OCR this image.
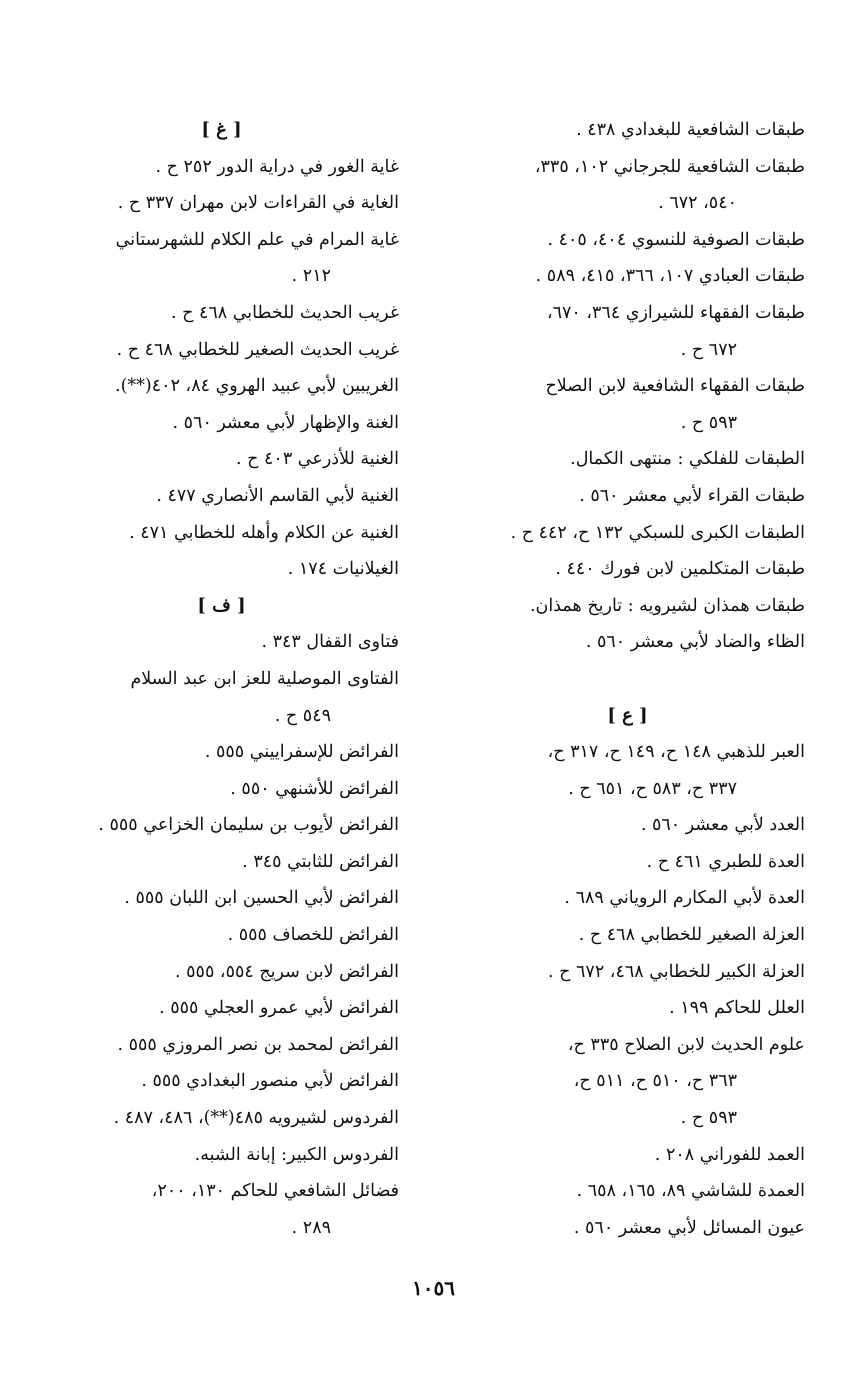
طبقات الشافعية للبغدادي ٤٣٨ .
طبقات الشافعية للجرجاني ١٠٢، ٣٣٥،
٥٤٠، ٦٧٢ .
طبقات الصوفية للنسوي ٤٠٤، ٤٠٥ .
طبقات العبادي ١٠٧، ٣٦٦، ٤١٥، ٥٨٩ .
طبقات الفقهاء للشيرازي ٣٦٤، ٦٧٠،
٦٧٢ ح .
طبقات الفقهاء الشافعية لابن الصلاح
٥٩٣ ح .
الطبقات للفلكي : منتهى الكمال.
طبقات القراء لأبي معشر ٥٦٠ .
الطبقات الكبرى للسبكي ١٣٢ ح، ٤٤٢ ح .
طبقات المتكلمين لابن فورك ٤٤٠ .
طبقات همذان لشيرويه : تاريخ همذان.
الظاء والضاد لأبي معشر ٥٦٠ .
[ ع ]
العبر للذهبي ١٤٨ ح، ١٤٩ ح، ٣١٧ ح،
٣٣٧ ح، ٥٨٣ ح، ٦٥١ ح .
العدد لأبي معشر ٥٦٠ .
العدة للطبري ٤٦١ ح .
العدة لأبي المكارم الروياني ٦٨٩ .
العزلة الصغير للخطابي ٤٦٨ ح .
العزلة الكبير للخطابي ٤٦٨، ٦٧٢ ح .
العلل للحاكم ١٩٩ .
علوم الحديث لابن الصلاح ٣٣٥ ح،
٣٦٣ ح، ٥١٠ ح، ٥١١ ح،
٥٩٣ ح .
العمد للفوراني ٢٠٨ .
العمدة للشاشي ٨٩، ١٦٥، ٦٥٨ .
عيون المسائل لأبي معشر ٥٦٠ .
[ غ ]
غاية الغور في دراية الدور ٢٥٢ ح .
الغاية في القراءات لابن مهران ٣٣٧ ح .
غاية المرام في علم الكلام للشهرستاني
٢١٢ .
غريب الحديث للخطابي ٤٦٨ ح .
غريب الحديث الصغير للخطابي ٤٦٨ ح .
الغريبين لأبي عبيد الهروي ٨٤، ٤٠٢(**).
الغنة والإظهار لأبي معشر ٥٦٠ .
الغنية للأذرعي ٤٠٣ ح .
الغنية لأبي القاسم الأنصاري ٤٧٧ .
الغنية عن الكلام وأهله للخطابي ٤٧١ .
الغيلانيات ١٧٤ .
[ ف ]
فتاوى القفال ٣٤٣ .
الفتاوى الموصلية للعز ابن عبد السلام
٥٤٩ ح .
الفرائض للإسفراييني ٥٥٥ .
الفرائض للأشنهي ٥٥٠ .
الفرائض لأيوب بن سليمان الخزاعي ٥٥٥ .
الفرائض للثابتي ٣٤٥ .
الفرائض لأبي الحسين ابن اللبان ٥٥٥ .
الفرائض للخصاف ٥٥٥ .
الفرائض لابن سريج ٥٥٤، ٥٥٥ .
الفرائض لأبي عمرو العجلي ٥٥٥ .
الفرائض لمحمد بن نصر المروزي ٥٥٥ .
الفرائض لأبي منصور البغدادي ٥٥٥ .
الفردوس لشيرويه ٤٨٥(**)، ٤٨٦، ٤٨٧ .
الفردوس الكبير: إبانة الشبه.
فضائل الشافعي للحاكم ١٣٠، ٢٠٠،
٢٨٩ .
١٠٥٦
